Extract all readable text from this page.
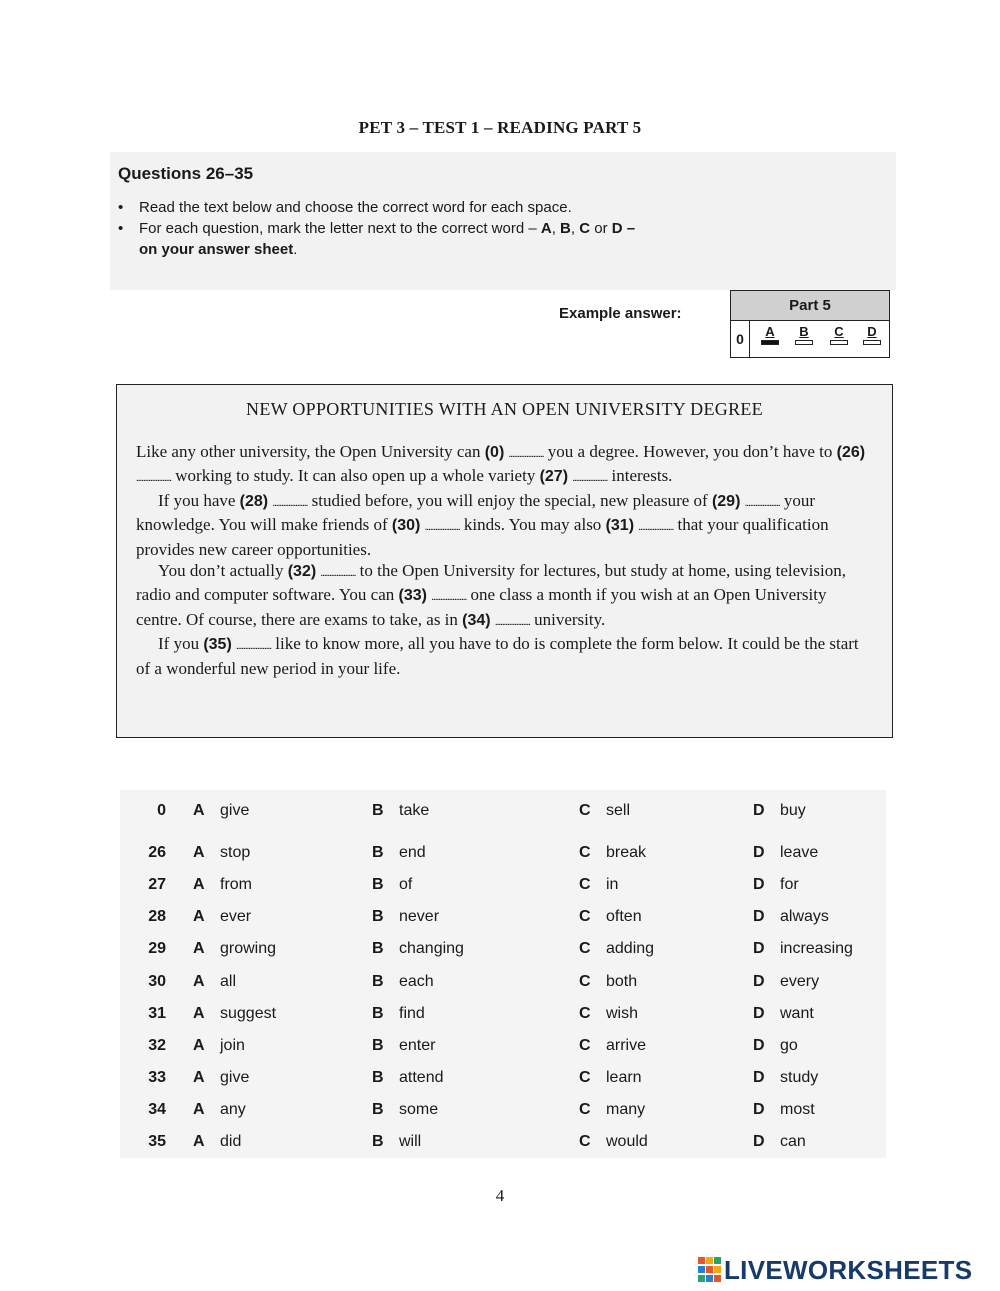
PET 3 – TEST 1 – READING PART 5
Questions 26–35
• Read the text below and choose the correct word for each space.
• For each question, mark the letter next to the correct word – A, B, C or D –
on your answer sheet.
Example answer:	Part 5
0	A	B	C	D
NEW OPPORTUNITIES WITH AN OPEN UNIVERSITY DEGREE

Like any other university, the Open University can (0) .................... you a degree. However, you don’t have to (26) .................... working to study. It can also open up a whole variety (27) .................... interests.

If you have (28) .................... studied before, you will enjoy the special, new pleasure of (29) .................... your knowledge. You will make friends of (30) .................... kinds. You may also (31) .................... that your qualification provides new career opportunities.

You don’t actually (32) .................... to the Open University for lectures, but study at home, using television, radio and computer software. You can (33) .................... one class a month if you wish at an Open University centre. Of course, there are exams to take, as in (34) .................... university.

If you (35) .................... like to know more, all you have to do is complete the form below. It could be the start of a wonderful new period in your life.

0 A give	B take	C sell	D buy
26 A stop	B end	C break	D leave
27 A from	B of	C in	D for
28 A ever	B never	C often	D always
29 A growing	B changing	C adding	D increasing
30 A all	B each	C both	D every
31 A suggest	B find	C wish	D want
32 A join	B enter	C arrive	D go
33 A give	B attend	C learn	D study
34 A any	B some	C many	D most
35 A did	B will	C would	D can
4
LIVEWORKSHEETS
